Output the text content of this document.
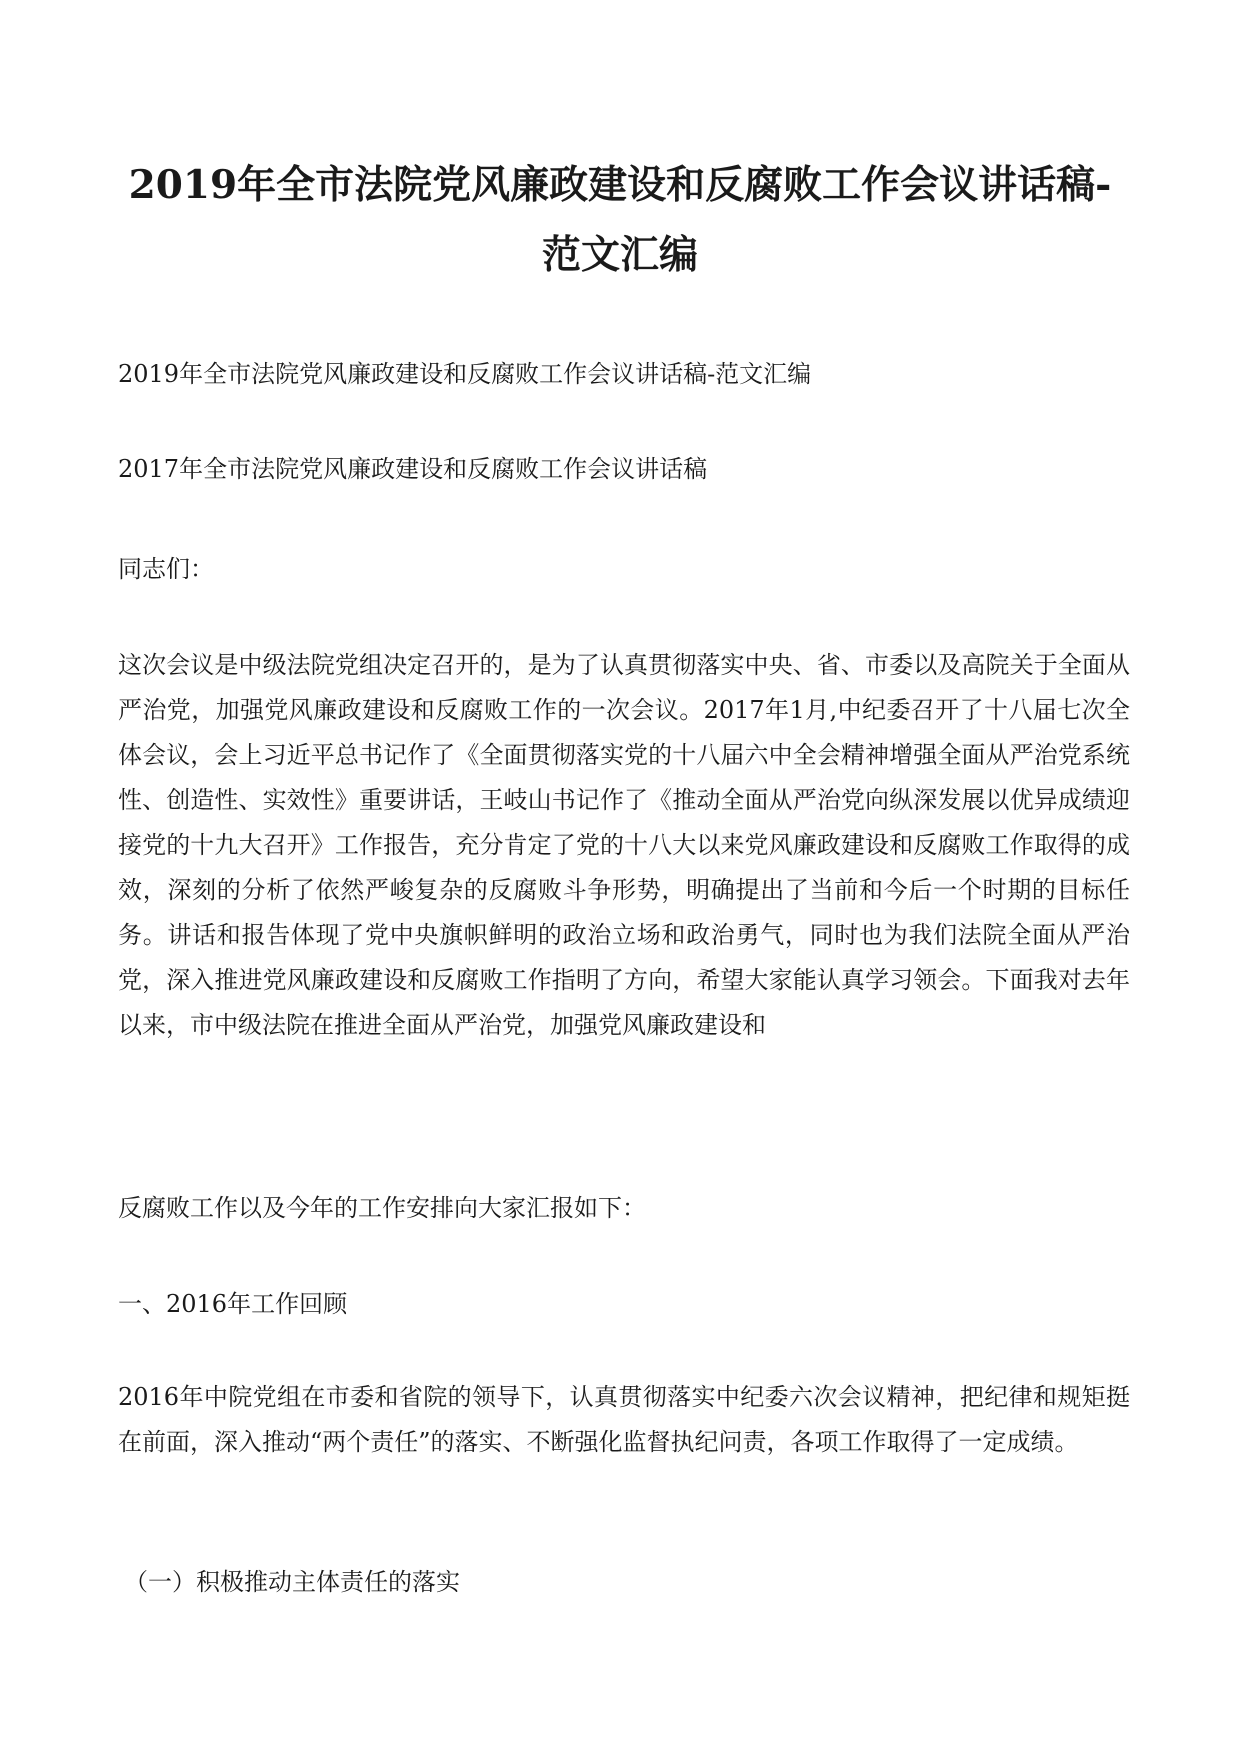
2019年全市法院党风廉政建设和反腐败工作会议讲话稿-范文汇编

2019年全市法院党风廉政建设和反腐败工作会议讲话稿-范文汇编

2017年全市法院党风廉政建设和反腐败工作会议讲话稿

同志们：

这次会议是中级法院党组决定召开的，是为了认真贯彻落实中央、省、市委以及高院关于全面从严治党，加强党风廉政建设和反腐败工作的一次会议。2017年1月,中纪委召开了十八届七次全体会议，会上习近平总书记作了《全面贯彻落实党的十八届六中全会精神增强全面从严治党系统性、创造性、实效性》重要讲话，王岐山书记作了《推动全面从严治党向纵深发展以优异成绩迎接党的十九大召开》工作报告，充分肯定了党的十八大以来党风廉政建设和反腐败工作取得的成效，深刻的分析了依然严峻复杂的反腐败斗争形势，明确提出了当前和今后一个时期的目标任务。讲话和报告体现了党中央旗帜鲜明的政治立场和政治勇气，同时也为我们法院全面从严治党，深入推进党风廉政建设和反腐败工作指明了方向，希望大家能认真学习领会。下面我对去年以来，市中级法院在推进全面从严治党，加强党风廉政建设和

反腐败工作以及今年的工作安排向大家汇报如下：

一、2016年工作回顾

2016年中院党组在市委和省院的领导下，认真贯彻落实中纪委六次会议精神，把纪律和规矩挺在前面，深入推动“两个责任”的落实、不断强化监督执纪问责，各项工作取得了一定成绩。

（一）积极推动主体责任的落实
